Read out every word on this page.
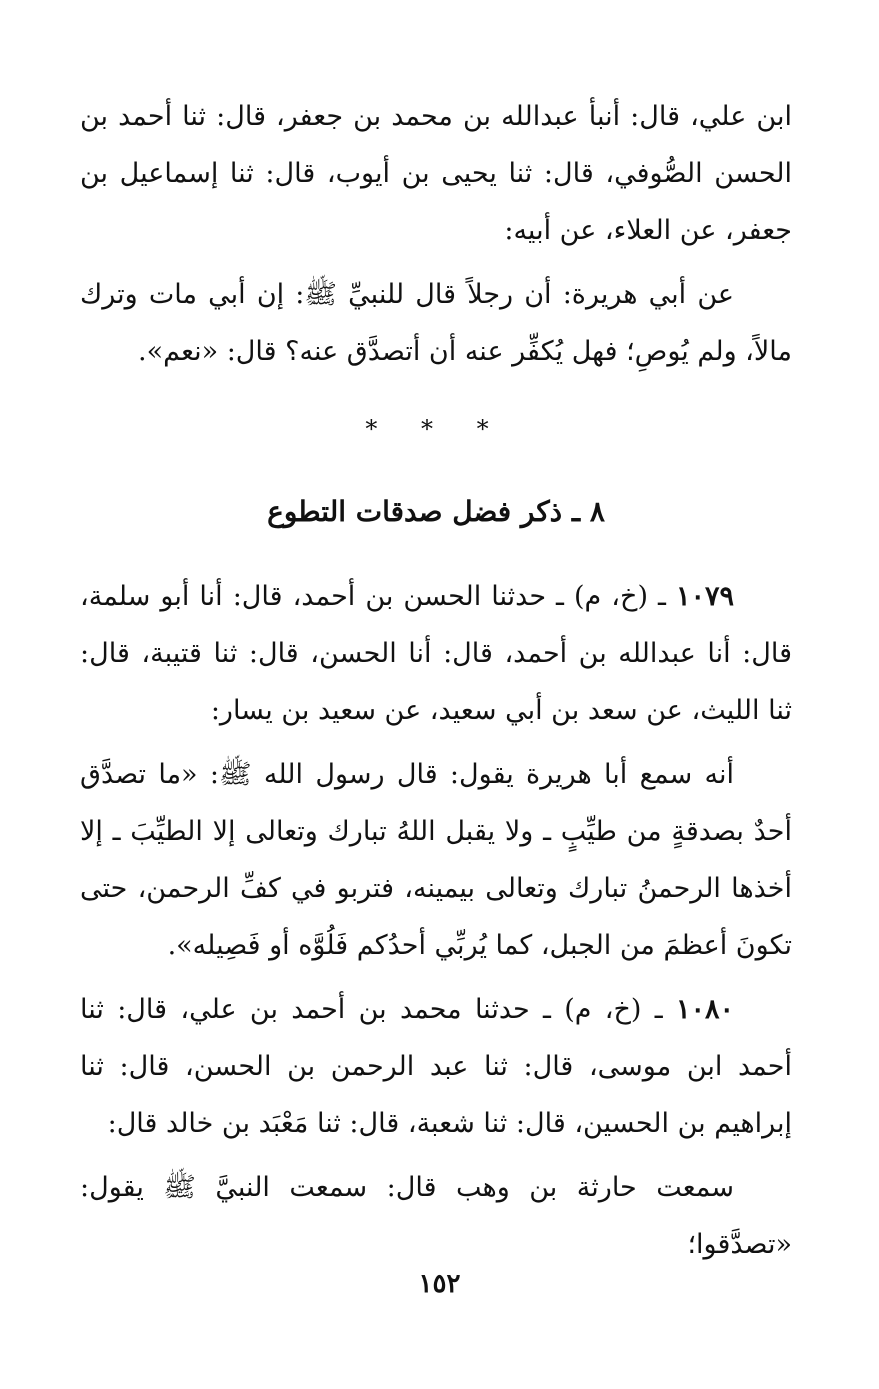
ابن علي، قال: أنبأ عبدالله بن محمد بن جعفر، قال: ثنا أحمد بن الحسن الصُّوفي، قال: ثنا يحيى بن أيوب، قال: ثنا إسماعيل بن جعفر، عن العلاء، عن أبيه:

عن أبي هريرة: أن رجلاً قال للنبيِّ ﷺ: إن أبي مات وترك مالاً، ولم يُوصِ؛ فهل يُكفِّر عنه أن أتصدَّق عنه؟ قال: «نعم».

* * *
٨ ـ ذكر فضل صدقات التطوع

١٠٧٩ ـ (خ، م) ـ حدثنا الحسن بن أحمد، قال: أنا أبو سلمة، قال: أنا عبدالله بن أحمد، قال: أنا الحسن، قال: ثنا قتيبة، قال: ثنا الليث، عن سعد بن أبي سعيد، عن سعيد بن يسار:

أنه سمع أبا هريرة يقول: قال رسول الله ﷺ: «ما تصدَّق أحدٌ بصدقةٍ من طيِّبٍ ـ ولا يقبل اللهُ تبارك وتعالى إلا الطيِّبَ ـ إلا أخذها الرحمنُ تبارك وتعالى بيمينه، فتربو في كفِّ الرحمن، حتى تكونَ أعظمَ من الجبل، كما يُربِّي أحدُكم فَلُوَّه أو فَصِيله».

١٠٨٠ ـ (خ، م) ـ حدثنا محمد بن أحمد بن علي، قال: ثنا أحمد ابن موسى، قال: ثنا عبد الرحمن بن الحسن، قال: ثنا إبراهيم بن الحسين، قال: ثنا شعبة، قال: ثنا مَعْبَد بن خالد قال:

سمعت حارثة بن وهب قال: سمعت النبيَّ ﷺ يقول: «تصدَّقوا؛

١٥٢
